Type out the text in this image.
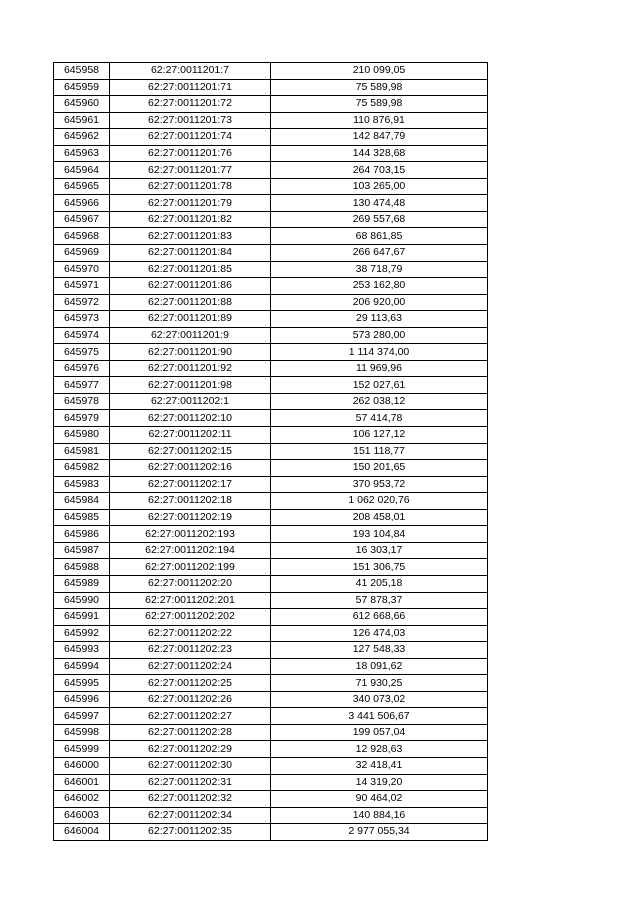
645958	62:27:0011201:7	210 099,05
645959	62:27:0011201:71	75 589,98
645960	62:27:0011201:72	75 589,98
645961	62:27:0011201:73	110 876,91
645962	62:27:0011201:74	142 847,79
645963	62:27:0011201:76	144 328,68
645964	62:27:0011201:77	264 703,15
645965	62:27:0011201:78	103 265,00
645966	62:27:0011201:79	130 474,48
645967	62:27:0011201:82	269 557,68
645968	62:27:0011201:83	68 861,85
645969	62:27:0011201:84	266 647,67
645970	62:27:0011201:85	38 718,79
645971	62:27:0011201:86	253 162,80
645972	62:27:0011201:88	206 920,00
645973	62:27:0011201:89	29 113,63
645974	62:27:0011201:9	573 280,00
645975	62:27:0011201:90	1 114 374,00
645976	62:27:0011201:92	11 969,96
645977	62:27:0011201:98	152 027,61
645978	62:27:0011202:1	262 038,12
645979	62:27:0011202:10	57 414,78
645980	62:27:0011202:11	106 127,12
645981	62:27:0011202:15	151 118,77
645982	62:27:0011202:16	150 201,65
645983	62:27:0011202:17	370 953,72
645984	62:27:0011202:18	1 062 020,76
645985	62:27:0011202:19	208 458,01
645986	62:27:0011202:193	193 104,84
645987	62:27:0011202:194	16 303,17
645988	62:27:0011202:199	151 306,75
645989	62:27:0011202:20	41 205,18
645990	62:27:0011202:201	57 878,37
645991	62:27:0011202:202	612 668,66
645992	62:27:0011202:22	126 474,03
645993	62:27:0011202:23	127 548,33
645994	62:27:0011202:24	18 091,62
645995	62:27:0011202:25	71 930,25
645996	62:27:0011202:26	340 073,02
645997	62:27:0011202:27	3 441 506,67
645998	62:27:0011202:28	199 057,04
645999	62:27:0011202:29	12 928,63
646000	62:27:0011202:30	32 418,41
646001	62:27:0011202:31	14 319,20
646002	62:27:0011202:32	90 464,02
646003	62:27:0011202:34	140 884,16
646004	62:27:0011202:35	2 977 055,34
